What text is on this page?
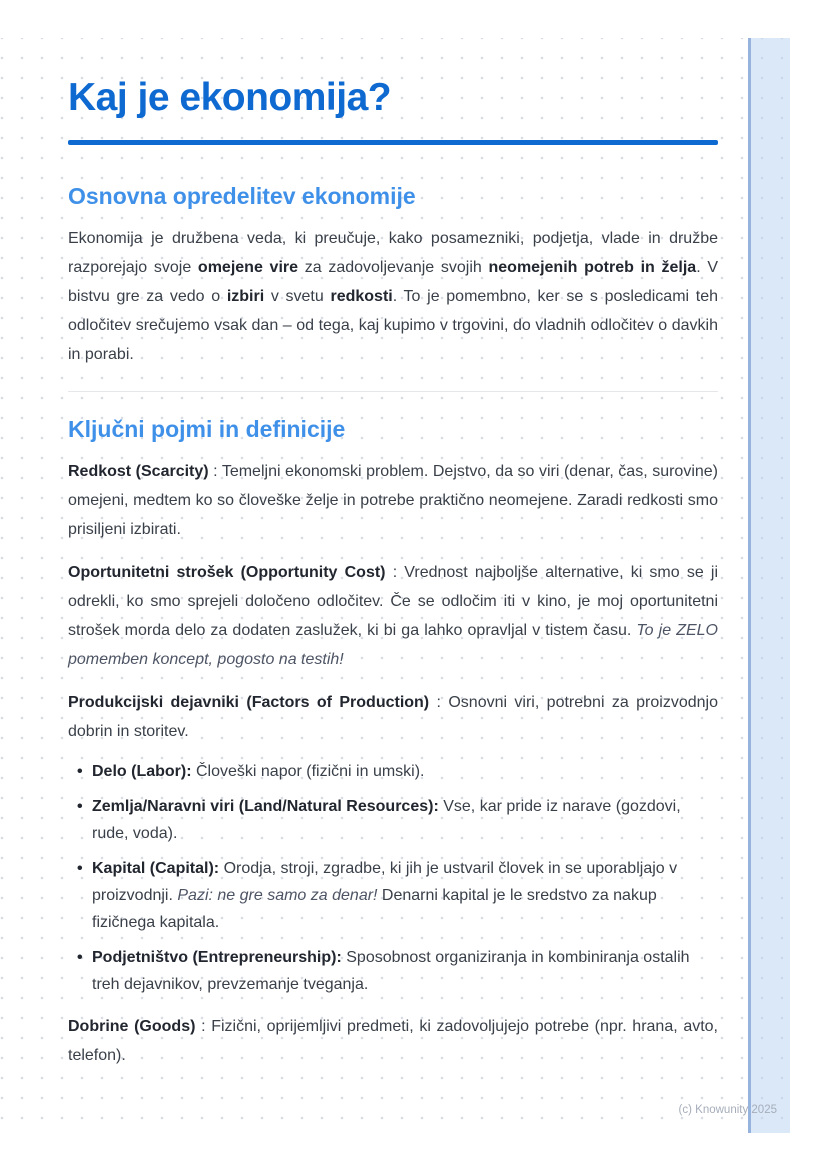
Kaj je ekonomija?
Osnovna opredelitev ekonomije

Ekonomija je družbena veda, ki preučuje, kako posamezniki, podjetja, vlade in družbe razporejajo svoje omejene vire za zadovoljevanje svojih neomejenih potreb in želja. V bistvu gre za vedo o izbiri v svetu redkosti. To je pomembno, ker se s posledicami teh odločitev srečujemo vsak dan – od tega, kaj kupimo v trgovini, do vladnih odločitev o davkih in porabi.

Ključni pojmi in definicije

Redkost (Scarcity) : Temeljni ekonomski problem. Dejstvo, da so viri (denar, čas, surovine) omejeni, medtem ko so človeške želje in potrebe praktično neomejene. Zaradi redkosti smo prisiljeni izbirati.

Oportunitetni strošek (Opportunity Cost) : Vrednost najboljše alternative, ki smo se ji odrekli, ko smo sprejeli določeno odločitev. Če se odločim iti v kino, je moj oportunitetni strošek morda delo za dodaten zaslužek, ki bi ga lahko opravljal v tistem času. To je ZELO pomemben koncept, pogosto na testih!

Produkcijski dejavniki (Factors of Production) : Osnovni viri, potrebni za proizvodnjo dobrin in storitev.

• Delo (Labor): Človeški napor (fizični in umski).
• Zemlja/Naravni viri (Land/Natural Resources): Vse, kar pride iz narave (gozdovi, rude, voda).
• Kapital (Capital): Orodja, stroji, zgradbe, ki jih je ustvaril človek in se uporabljajo v proizvodnji. Pazi: ne gre samo za denar! Denarni kapital je le sredstvo za nakup fizičnega kapitala.
• Podjetništvo (Entrepreneurship): Sposobnost organiziranja in kombiniranja ostalih treh dejavnikov, prevzemanje tveganja.

Dobrine (Goods) : Fizični, oprijemljivi predmeti, ki zadovoljujejo potrebe (npr. hrana, avto, telefon).

(c) Knowunity 2025
